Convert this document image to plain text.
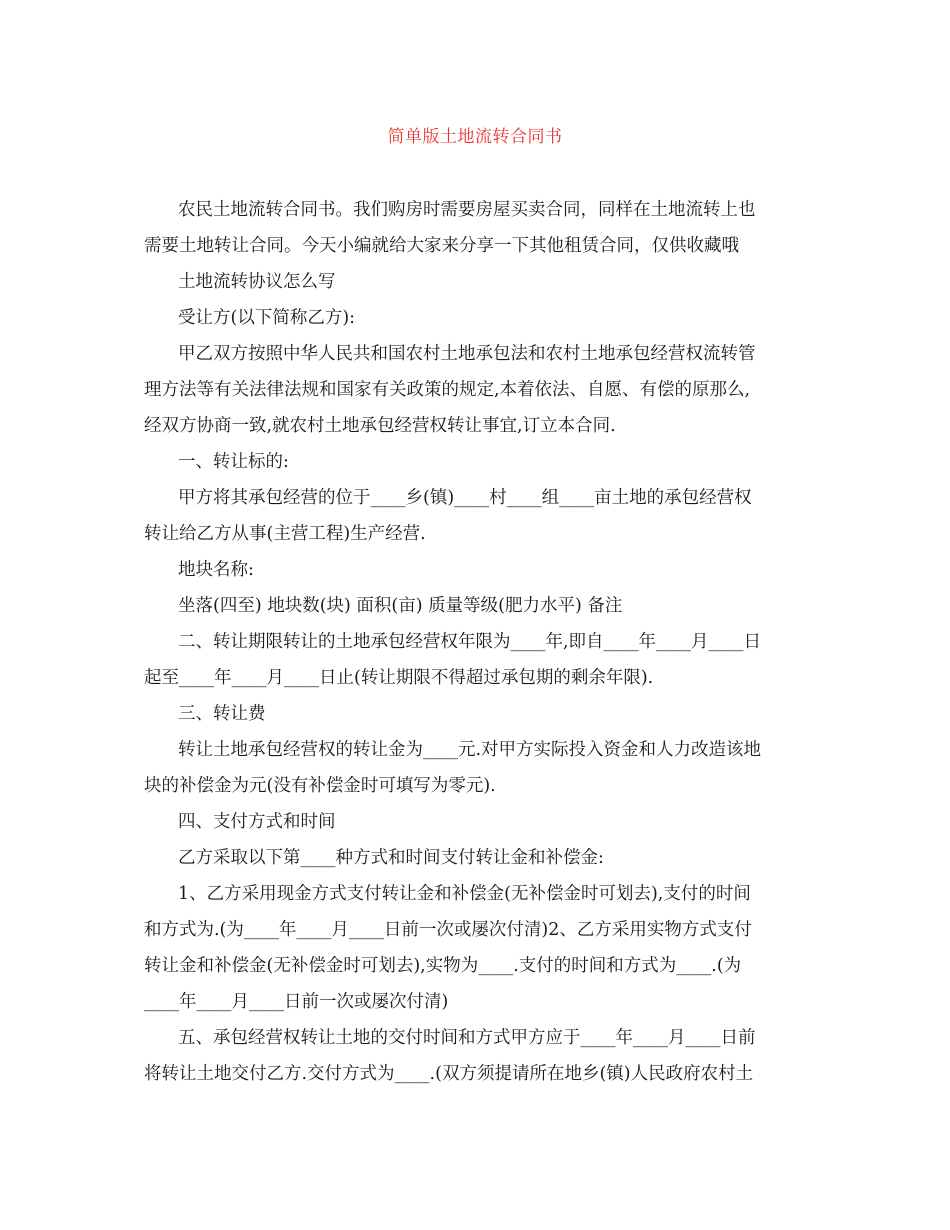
简单版土地流转合同书

农民土地流转合同书。我们购房时需要房屋买卖合同，同样在土地流转上也
需要土地转让合同。今天小编就给大家来分享一下其他租赁合同，仅供收藏哦

土地流转协议怎么写

受让方(以下简称乙方):

甲乙双方按照中华人民共和国农村土地承包法和农村土地承包经营权流转管
理方法等有关法律法规和国家有关政策的规定,本着依法、自愿、有偿的原那么,
经双方协商一致,就农村土地承包经营权转让事宜,订立本合同.

一、转让标的:

甲方将其承包经营的位于____乡(镇)____村____组____亩土地的承包经营权
转让给乙方从事(主营工程)生产经营.

地块名称:

坐落(四至) 地块数(块) 面积(亩) 质量等级(肥力水平) 备注

二、转让期限转让的土地承包经营权年限为____年,即自____年____月____日
起至____年____月____日止(转让期限不得超过承包期的剩余年限).

三、转让费

转让土地承包经营权的转让金为____元.对甲方实际投入资金和人力改造该地
块的补偿金为元(没有补偿金时可填写为零元).

四、支付方式和时间

乙方采取以下第____种方式和时间支付转让金和补偿金:

1、乙方采用现金方式支付转让金和补偿金(无补偿金时可划去),支付的时间
和方式为.(为____年____月____日前一次或屡次付清)2、乙方采用实物方式支付
转让金和补偿金(无补偿金时可划去),实物为____.支付的时间和方式为____.(为
____年____月____日前一次或屡次付清)

五、承包经营权转让土地的交付时间和方式甲方应于____年____月____日前
将转让土地交付乙方.交付方式为____.(双方须提请所在地乡(镇)人民政府农村土
